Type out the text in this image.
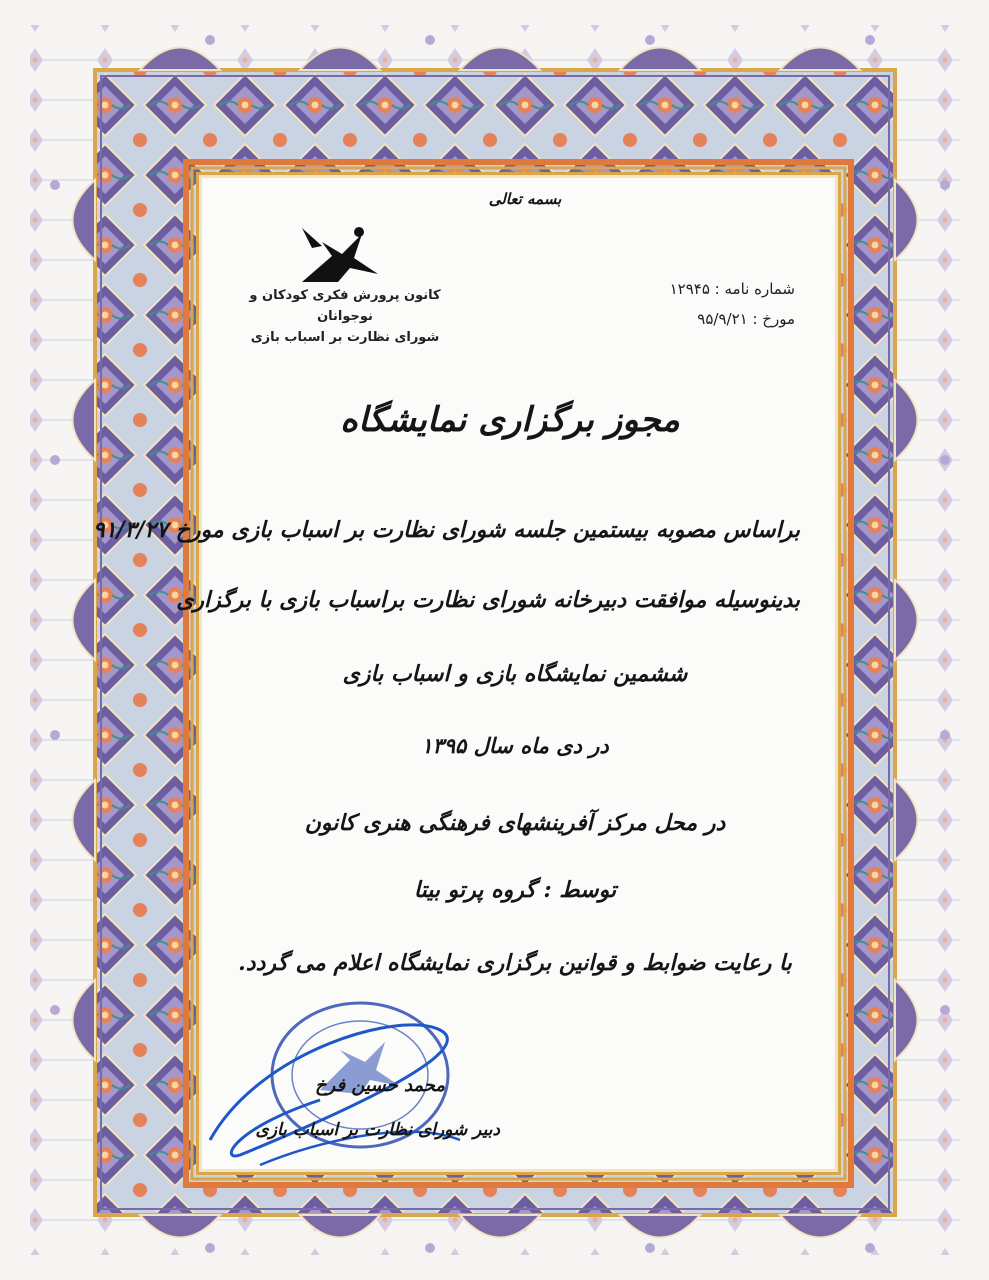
بسمه تعالی
کانون پرورش فکری کودکان و نوجوانان
شورای نظارت بر اسباب بازی
شماره نامه : ۱۲۹۴۵
مورخ : ۹۵/۹/۲۱
مجوز برگزاری نمایشگاه
براساس مصوبه بیستمین جلسه شورای نظارت بر اسباب بازی مورخ ۹۱/۳/۲۷
بدینوسیله موافقت دبیرخانه شورای نظارت براسباب بازی با برگزاری
ششمین نمایشگاه بازی و اسباب بازی
در دی ماه سال ۱۳۹۵
در محل مرکز آفرینشهای فرهنگی هنری کانون
توسط : گروه پرتو بیتا
با رعایت ضوابط و قوانین برگزاری نمایشگاه اعلام می گردد.
محمد حسین فرخ
دبیر شورای نظارت بر اسباب بازی
